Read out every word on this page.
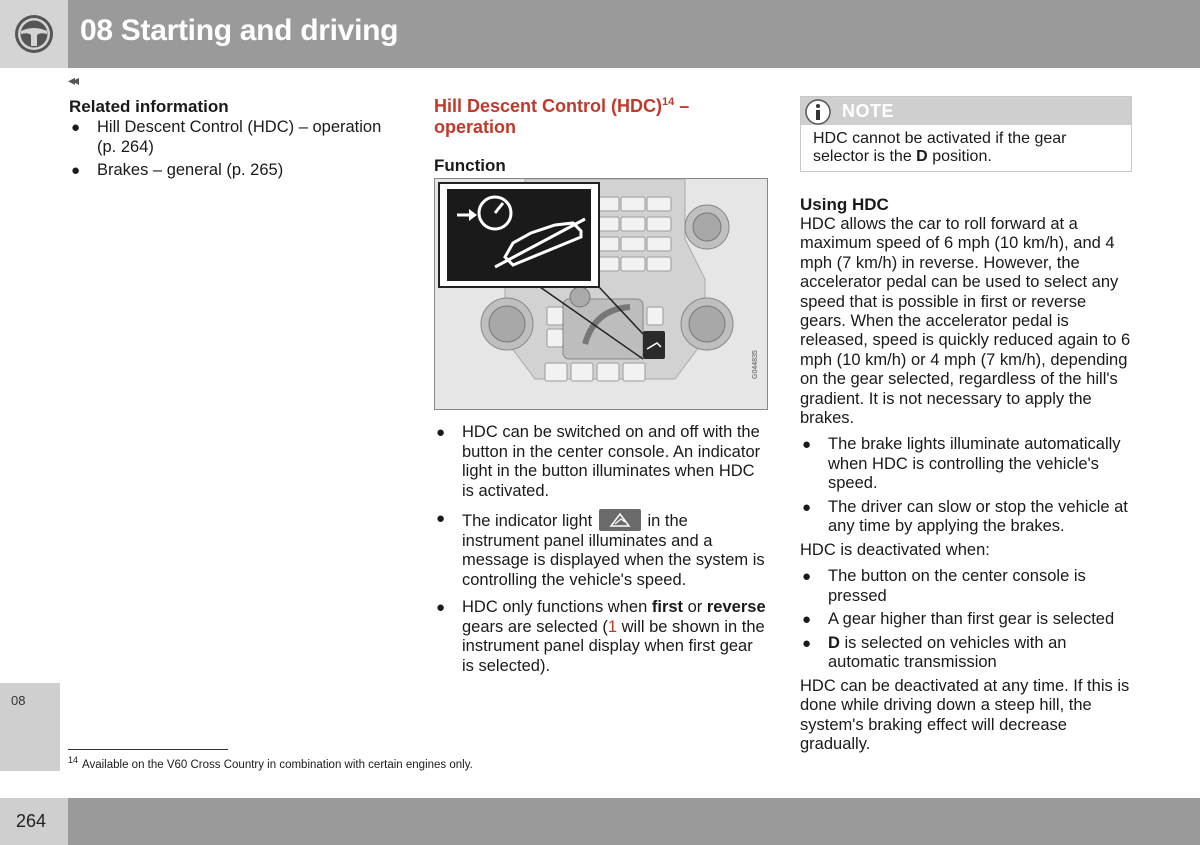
08 Starting and driving
◂◂
08
264
Related information
● Hill Descent Control (HDC) – operation (p. 264)
● Brakes – general (p. 265)
Hill Descent Control (HDC)$^{14}$ – operation
Function
G044835
● HDC can be switched on and off with the button in the center console. An indicator light in the button illuminates when HDC is activated.
● The indicator light	in the instrument panel illuminates and a message is displayed when the system is controlling the vehicle's speed.
● HDC only functions when first or reverse gears are selected (1 will be shown in the instrument panel display when first gear is selected).
NOTE
HDC cannot be activated if the gear selector is the D position.
Using HDC
HDC allows the car to roll forward at a maximum speed of 6 mph (10 km/h), and 4 mph (7 km/h) in reverse. However, the accelerator pedal can be used to select any speed that is possible in first or reverse gears. When the accelerator pedal is released, speed is quickly reduced again to 6 mph (10 km/h) or 4 mph (7 km/h), depending on the gear selected, regardless of the hill's gradient. It is not necessary to apply the brakes.
● The brake lights illuminate automatically when HDC is controlling the vehicle's speed.
● The driver can slow or stop the vehicle at any time by applying the brakes.
HDC is deactivated when:
● The button on the center console is pressed
● A gear higher than first gear is selected
● D is selected on vehicles with an automatic transmission
HDC can be deactivated at any time. If this is done while driving down a steep hill, the system's braking effect will decrease gradually.
$^{14}$ Available on the V60 Cross Country in combination with certain engines only.
